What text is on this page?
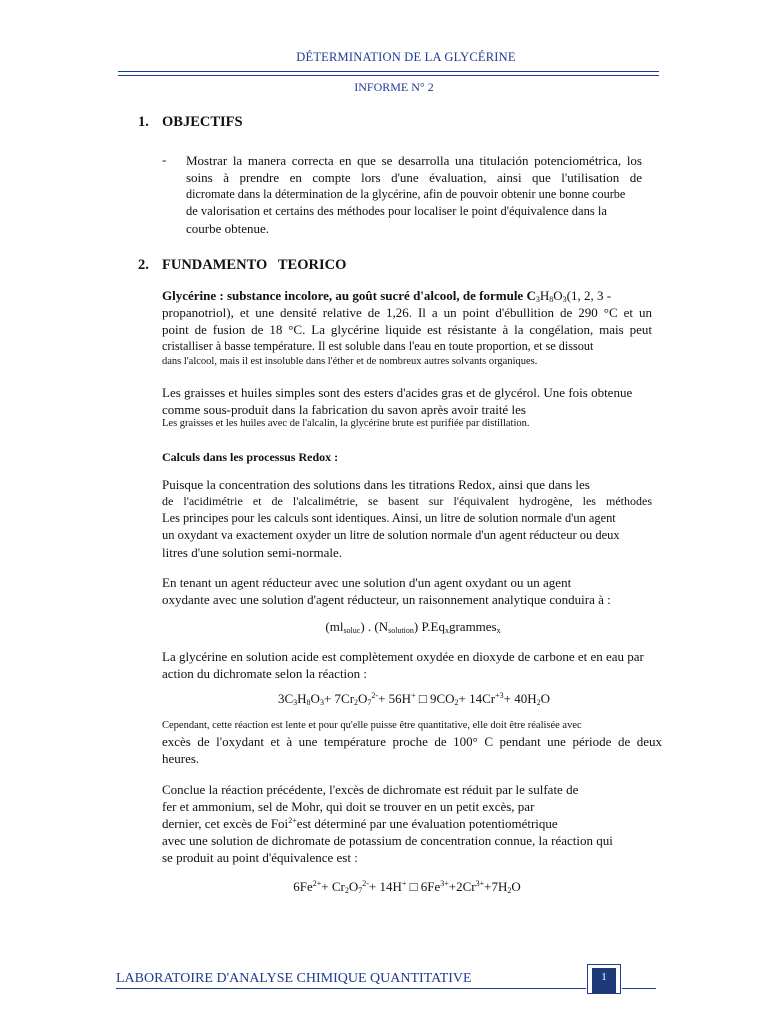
DÉTERMINATION DE LA GLYCÉRINE
INFORME N° 2
1. OBJECTIFS
- Mostrar la manera correcta en que se desarrolla una titulación potenciométrica, los
soins à prendre en compte lors d'une évaluation, ainsi que l'utilisation de
dicromate dans la détermination de la glycérine, afin de pouvoir obtenir une bonne courbe
de valorisation et certains des méthodes pour localiser le point d'équivalence dans la
courbe obtenue.
2. FUNDAMENTO   TEORICO
Glycérine : substance incolore, au goût sucré d'alcool, de formule $C_3H_8O_3(1$, 2, 3 -
propanotriol), et une densité relative de 1,26. Il a un point d'ébullition de 290 °C et un
point de fusion de 18 °C. La glycérine liquide est résistante à la congélation, mais peut
cristalliser à basse température. Il est soluble dans l'eau en toute proportion, et se dissout
dans l'alcool, mais il est insoluble dans l'éther et de nombreux autres solvants organiques.
Les graisses et huiles simples sont des esters d'acides gras et de glycérol. Une fois obtenue
comme sous-produit dans la fabrication du savon après avoir traité les
Les graisses et les huiles avec de l'alcalin, la glycérine brute est purifiée par distillation.
Calculs dans les processus Redox :
Puisque la concentration des solutions dans les titrations Redox, ainsi que dans les
de l'acidimétrie et de l'alcalimétrie, se basent sur l'équivalent hydrogène, les méthodes
Les principes pour les calculs sont identiques. Ainsi, un litre de solution normale d'un agent
un oxydant va exactement oxyder un litre de solution normale d'un agent réducteur ou deux
litres d'une solution semi-normale.
En tenant un agent réducteur avec une solution d'un agent oxydant ou un agent
oxydante avec une solution d'agent réducteur, un raisonnement analytique conduira à :
$(ml_{soluc})$ . $(N_{solution})$ $P.Eq_xgrammes_x$
La glycérine en solution acide est complètement oxydée en dioxyde de carbone et en eau par
action du dichromate selon la réaction :
$3C_3H_8O_3+ 7Cr_2O_7^{2-}+ 56H^+$ □ $9CO_2+ 14Cr^{+3}+ 40H_2O$
Cependant, cette réaction est lente et pour qu'elle puisse être quantitative, elle doit être réalisée avec
excès de l'oxydant et à une température proche de 100° C pendant une période de deux
heures.
Conclue la réaction précédente, l'excès de dichromate est réduit par le sulfate de
fer et ammonium, sel de Mohr, qui doit se trouver en un petit excès, par
dernier, cet excès de Foi$^{2+}$est déterminé par une évaluation potentiométrique
avec une solution de dichromate de potassium de concentration connue, la réaction qui
se produit au point d'équivalence est :
$6Fe^{2+}+ Cr_2O_7^{2-}+ 14H^+$ □ $6Fe^{3+}+2Cr^{3+}+7H_2O$
LABORATOIRE D'ANALYSE CHIMIQUE QUANTITATIVE	1
